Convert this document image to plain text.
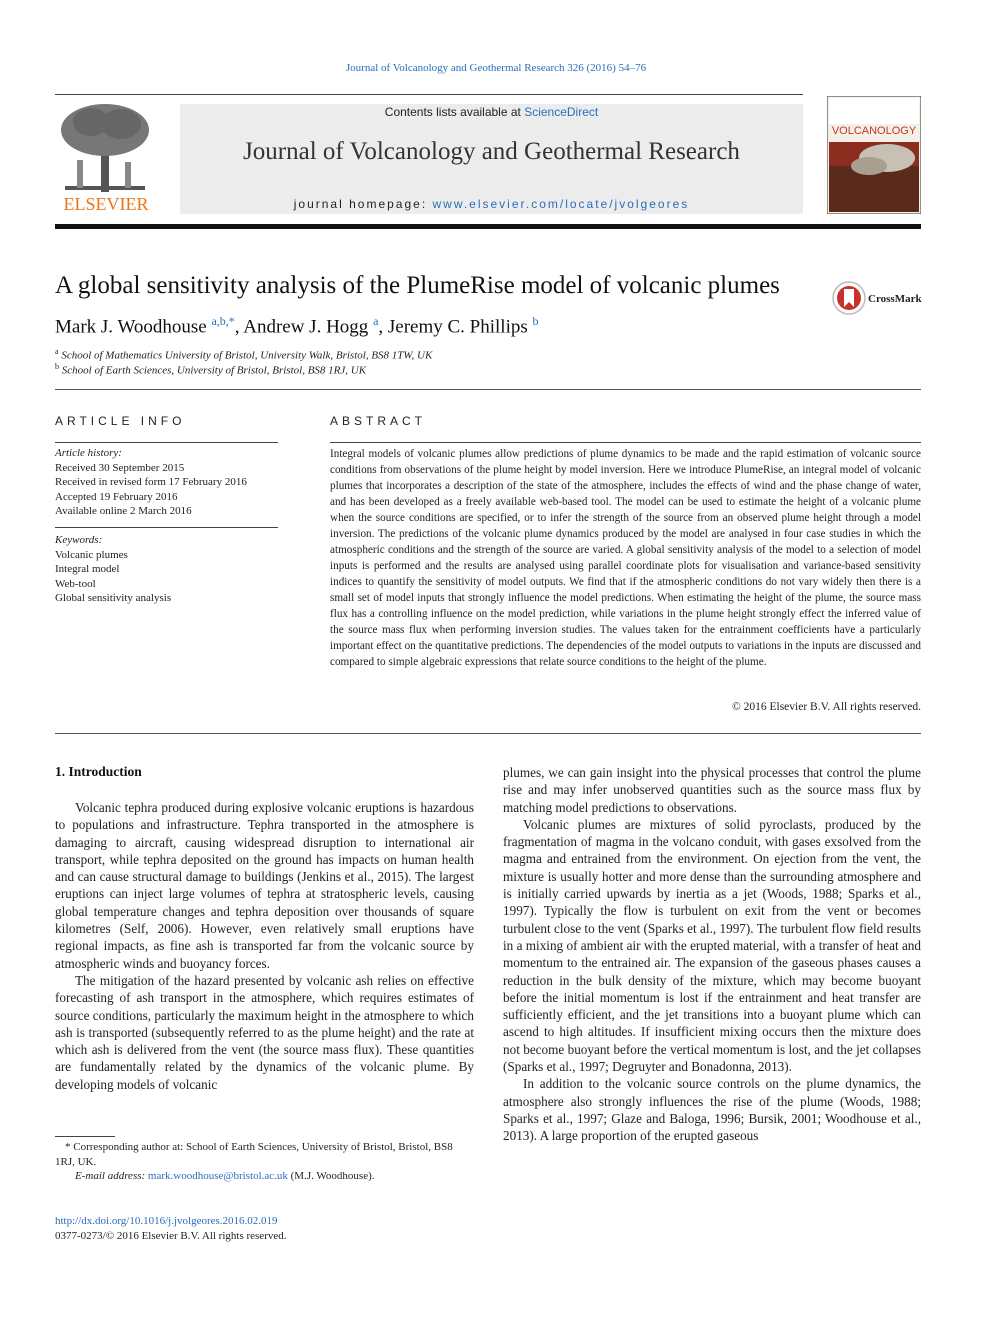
Journal of Volcanology and Geothermal Research 326 (2016) 54–76
ELSEVIER
Contents lists available at ScienceDirect
Journal of Volcanology and Geothermal Research
journal homepage: www.elsevier.com/locate/jvolgeores
VOLCANOLOGY
A global sensitivity analysis of the PlumeRise model of volcanic plumes	CrossMark
Mark J. Woodhouse $^{a,b,*}$, Andrew J. Hogg $^a$, Jeremy C. Phillips $^b$
$^a$ School of Mathematics University of Bristol, University Walk, Bristol, BS8 1TW, UK
$^b$ School of Earth Sciences, University of Bristol, Bristol, BS8 1RJ, UK
ARTICLE INFO
Article history:
Received 30 September 2015
Received in revised form 17 February 2016
Accepted 19 February 2016
Available online 2 March 2016
Keywords:
Volcanic plumes
Integral model
Web-tool
Global sensitivity analysis
ABSTRACT
Integral models of volcanic plumes allow predictions of plume dynamics to be made and the rapid estimation of volcanic source conditions from observations of the plume height by model inversion. Here we introduce PlumeRise, an integral model of volcanic plumes that incorporates a description of the state of the atmosphere, includes the effects of wind and the phase change of water, and has been developed as a freely available web-based tool. The model can be used to estimate the height of a volcanic plume when the source conditions are specified, or to infer the strength of the source from an observed plume height through a model inversion. The predictions of the volcanic plume dynamics produced by the model are analysed in four case studies in which the atmospheric conditions and the strength of the source are varied. A global sensitivity analysis of the model to a selection of model inputs is performed and the results are analysed using parallel coordinate plots for visualisation and variance-based sensitivity indices to quantify the sensitivity of model outputs. We find that if the atmospheric conditions do not vary widely then there is a small set of model inputs that strongly influence the model predictions. When estimating the height of the plume, the source mass flux has a controlling influence on the model prediction, while variations in the plume height strongly effect the inferred value of the source mass flux when performing inversion studies. The values taken for the entrainment coefficients have a particularly important effect on the quantitative predictions. The dependencies of the model outputs to variations in the inputs are discussed and compared to simple algebraic expressions that relate source conditions to the height of the plume.
© 2016 Elsevier B.V. All rights reserved.
1. Introduction

Volcanic tephra produced during explosive volcanic eruptions is hazardous to populations and infrastructure. Tephra transported in the atmosphere is damaging to aircraft, causing widespread disruption to international air transport, while tephra deposited on the ground has impacts on human health and can cause structural damage to buildings (Jenkins et al., 2015). The largest eruptions can inject large volumes of tephra at stratospheric levels, causing global temperature changes and tephra deposition over thousands of square kilometres (Self, 2006). However, even relatively small eruptions have regional impacts, as fine ash is transported far from the volcanic source by atmospheric winds and buoyancy forces.

The mitigation of the hazard presented by volcanic ash relies on effective forecasting of ash transport in the atmosphere, which requires estimates of source conditions, particularly the maximum height in the atmosphere to which ash is transported (subsequently referred to as the plume height) and the rate at which ash is delivered from the vent (the source mass flux). These quantities are fundamentally related by the dynamics of the volcanic plume. By developing models of volcanic

plumes, we can gain insight into the physical processes that control the plume rise and may infer unobserved quantities such as the source mass flux by matching model predictions to observations.

Volcanic plumes are mixtures of solid pyroclasts, produced by the fragmentation of magma in the volcano conduit, with gases exsolved from the magma and entrained from the environment. On ejection from the vent, the mixture is usually hotter and more dense than the surrounding atmosphere and is initially carried upwards by inertia as a jet (Woods, 1988; Sparks et al., 1997). Typically the flow is turbulent on exit from the vent or becomes turbulent close to the vent (Sparks et al., 1997). The turbulent flow field results in a mixing of ambient air with the erupted material, with a transfer of heat and momentum to the entrained air. The expansion of the gaseous phases causes a reduction in the bulk density of the mixture, which may become buoyant before the initial momentum is lost if the entrainment and heat transfer are sufficiently efficient, and the jet transitions into a buoyant plume which can ascend to high altitudes. If insufficient mixing occurs then the mixture does not become buoyant before the vertical momentum is lost, and the jet collapses (Sparks et al., 1997; Degruyter and Bonadonna, 2013).

In addition to the volcanic source controls on the plume dynamics, the atmosphere also strongly influences the rise of the plume (Woods, 1988; Sparks et al., 1997; Glaze and Baloga, 1996; Bursik, 2001; Woodhouse et al., 2013). A large proportion of the erupted gaseous

* Corresponding author at: School of Earth Sciences, University of Bristol, Bristol, BS8 1RJ, UK.
E-mail address: mark.woodhouse@bristol.ac.uk (M.J. Woodhouse).
http://dx.doi.org/10.1016/j.jvolgeores.2016.02.019
0377-0273/© 2016 Elsevier B.V. All rights reserved.
